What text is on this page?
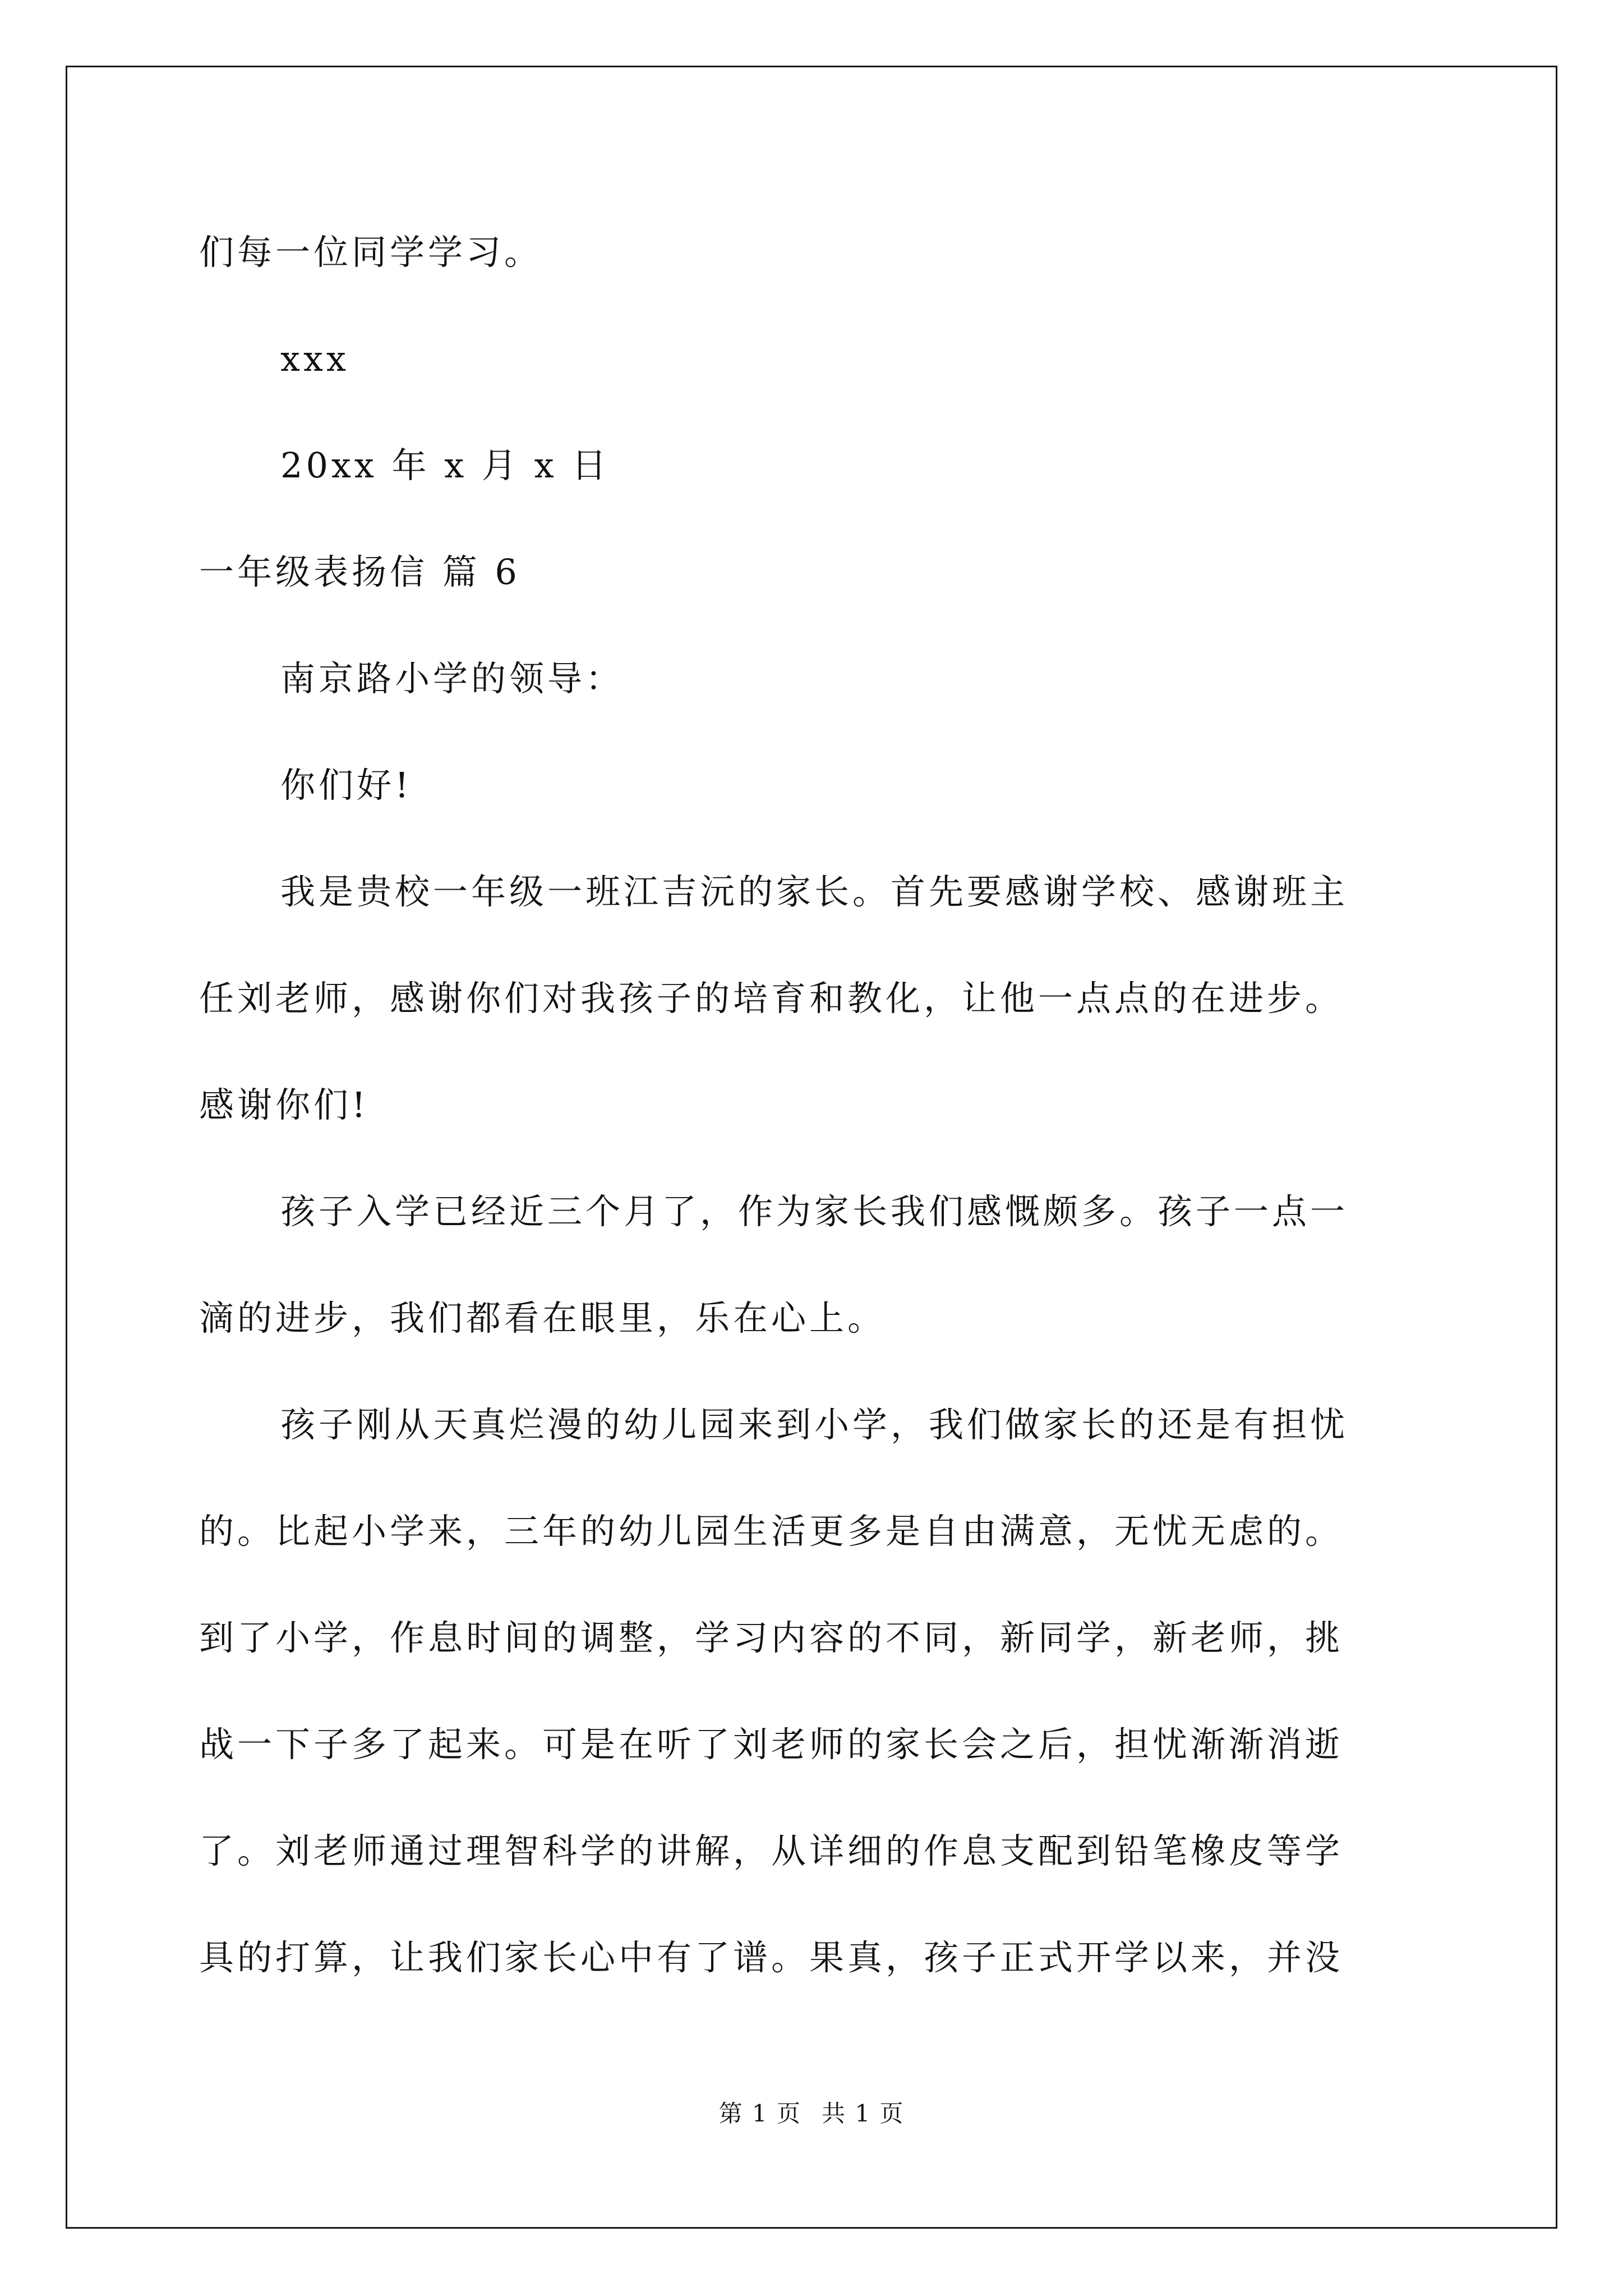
们每一位同学学习。

xxx

20xx 年 x 月 x 日

一年级表扬信 篇 6

南京路小学的领导：

你们好!

我是贵校一年级一班江吉沅的家长。首先要感谢学校、感谢班主

任刘老师，感谢你们对我孩子的培育和教化，让他一点点的在进步。

感谢你们!

孩子入学已经近三个月了，作为家长我们感慨颇多。孩子一点一

滴的进步，我们都看在眼里，乐在心上。

孩子刚从天真烂漫的幼儿园来到小学，我们做家长的还是有担忧

的。比起小学来，三年的幼儿园生活更多是自由满意，无忧无虑的。

到了小学，作息时间的调整，学习内容的不同，新同学，新老师，挑

战一下子多了起来。可是在听了刘老师的家长会之后，担忧渐渐消逝

了。刘老师通过理智科学的讲解，从详细的作息支配到铅笔橡皮等学

具的打算，让我们家长心中有了谱。果真，孩子正式开学以来，并没

第 1 页 共 1 页
